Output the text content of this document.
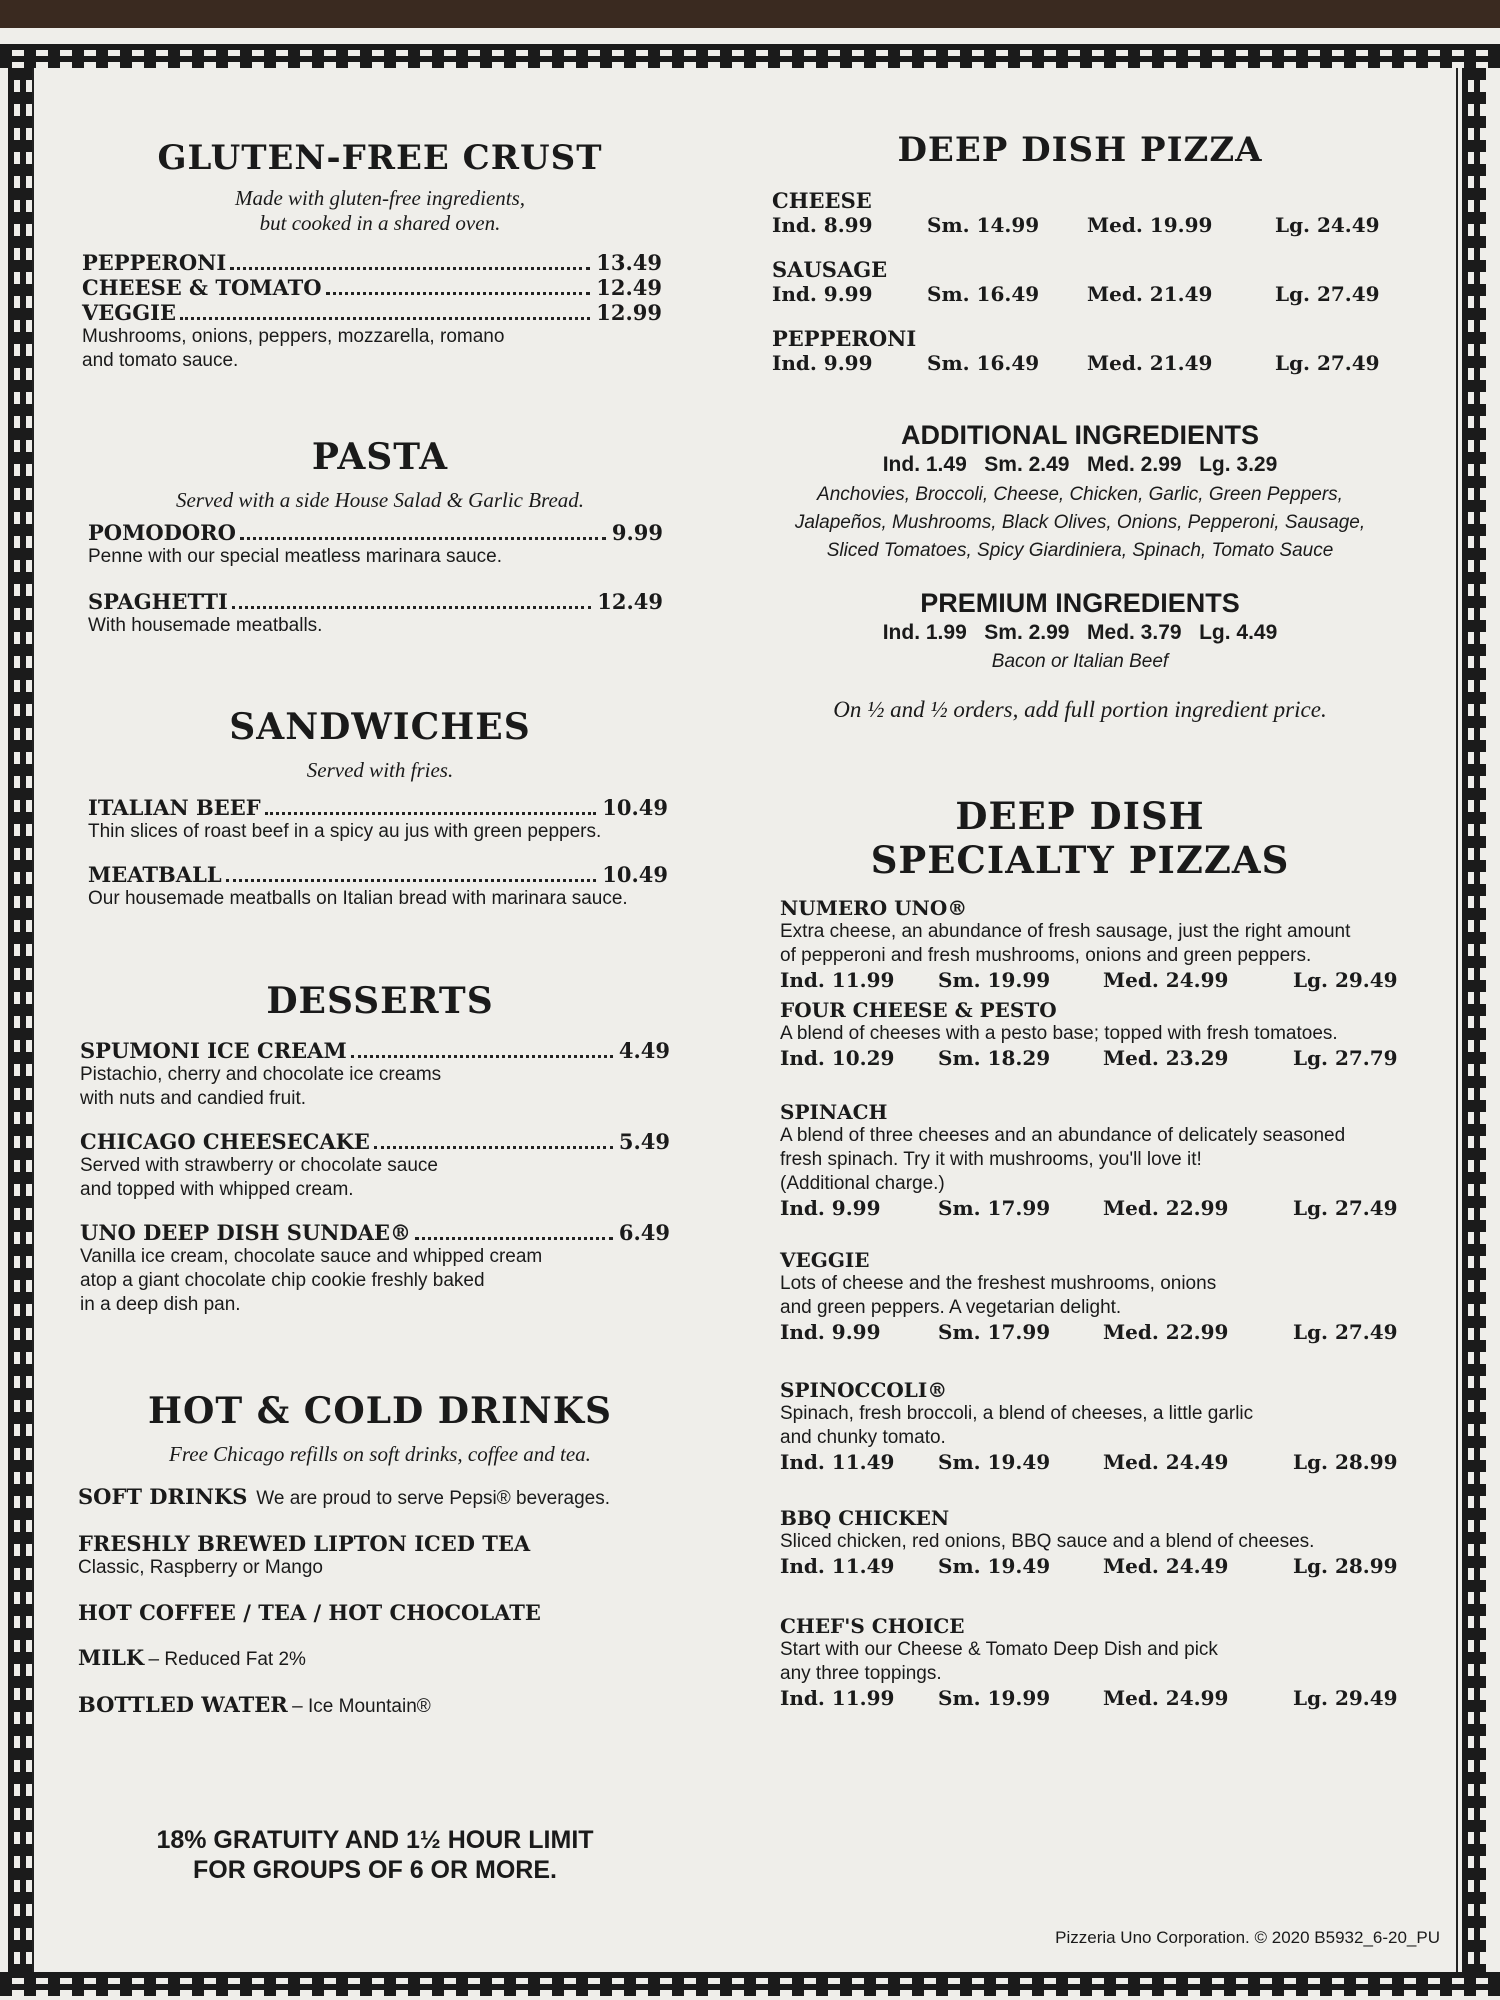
GLUTEN-FREE CRUST
Made with gluten-free ingredients,
but cooked in a shared oven.
PEPPERONI	13.49
CHEESE & TOMATO	12.49
VEGGIE	12.99
Mushrooms, onions, peppers, mozzarella, romano
and tomato sauce.
PASTA
Served with a side House Salad & Garlic Bread.
POMODORO	9.99
Penne with our special meatless marinara sauce.
SPAGHETTI	12.49
With housemade meatballs.
SANDWICHES
Served with fries.
ITALIAN BEEF	10.49
Thin slices of roast beef in a spicy au jus with green peppers.
MEATBALL	10.49
Our housemade meatballs on Italian bread with marinara sauce.
DESSERTS
SPUMONI ICE CREAM	4.49
Pistachio, cherry and chocolate ice creams
with nuts and candied fruit.
CHICAGO CHEESECAKE	5.49
Served with strawberry or chocolate sauce
and topped with whipped cream.
UNO DEEP DISH SUNDAE®	6.49
Vanilla ice cream, chocolate sauce and whipped cream
atop a giant chocolate chip cookie freshly baked
in a deep dish pan.
HOT & COLD DRINKS
Free Chicago refills on soft drinks, coffee and tea.
SOFT DRINKS We are proud to serve Pepsi® beverages.
FRESHLY BREWED LIPTON ICED TEA
Classic, Raspberry or Mango
HOT COFFEE / TEA / HOT CHOCOLATE
MILK – Reduced Fat 2%
BOTTLED WATER – Ice Mountain®
18% GRATUITY AND 1½ HOUR LIMIT
FOR GROUPS OF 6 OR MORE.
DEEP DISH PIZZA
CHEESE
Ind. 8.99	Sm. 14.99	Med. 19.99	Lg. 24.49
SAUSAGE
Ind. 9.99	Sm. 16.49	Med. 21.49	Lg. 27.49
PEPPERONI
Ind. 9.99	Sm. 16.49	Med. 21.49	Lg. 27.49
ADDITIONAL INGREDIENTS
Ind. 1.49 Sm. 2.49 Med. 2.99 Lg. 3.29
Anchovies, Broccoli, Cheese, Chicken, Garlic, Green Peppers,
Jalapeños, Mushrooms, Black Olives, Onions, Pepperoni, Sausage,
Sliced Tomatoes, Spicy Giardiniera, Spinach, Tomato Sauce
PREMIUM INGREDIENTS
Ind. 1.99 Sm. 2.99 Med. 3.79 Lg. 4.49
Bacon or Italian Beef
On ½ and ½ orders, add full portion ingredient price.
DEEP DISH
SPECIALTY PIZZAS
NUMERO UNO®
Extra cheese, an abundance of fresh sausage, just the right amount
of pepperoni and fresh mushrooms, onions and green peppers.
Ind. 11.99	Sm. 19.99	Med. 24.99	Lg. 29.49
FOUR CHEESE & PESTO
A blend of cheeses with a pesto base; topped with fresh tomatoes.
Ind. 10.29	Sm. 18.29	Med. 23.29	Lg. 27.79
SPINACH
A blend of three cheeses and an abundance of delicately seasoned
fresh spinach. Try it with mushrooms, you'll love it!
(Additional charge.)
Ind. 9.99	Sm. 17.99	Med. 22.99	Lg. 27.49
VEGGIE
Lots of cheese and the freshest mushrooms, onions
and green peppers. A vegetarian delight.
Ind. 9.99	Sm. 17.99	Med. 22.99	Lg. 27.49
SPINOCCOLI®
Spinach, fresh broccoli, a blend of cheeses, a little garlic
and chunky tomato.
Ind. 11.49	Sm. 19.49	Med. 24.49	Lg. 28.99
BBQ CHICKEN
Sliced chicken, red onions, BBQ sauce and a blend of cheeses.
Ind. 11.49	Sm. 19.49	Med. 24.49	Lg. 28.99
CHEF'S CHOICE
Start with our Cheese & Tomato Deep Dish and pick
any three toppings.
Ind. 11.99	Sm. 19.99	Med. 24.99	Lg. 29.49
Pizzeria Uno Corporation. © 2020 B5932_6-20_PU
